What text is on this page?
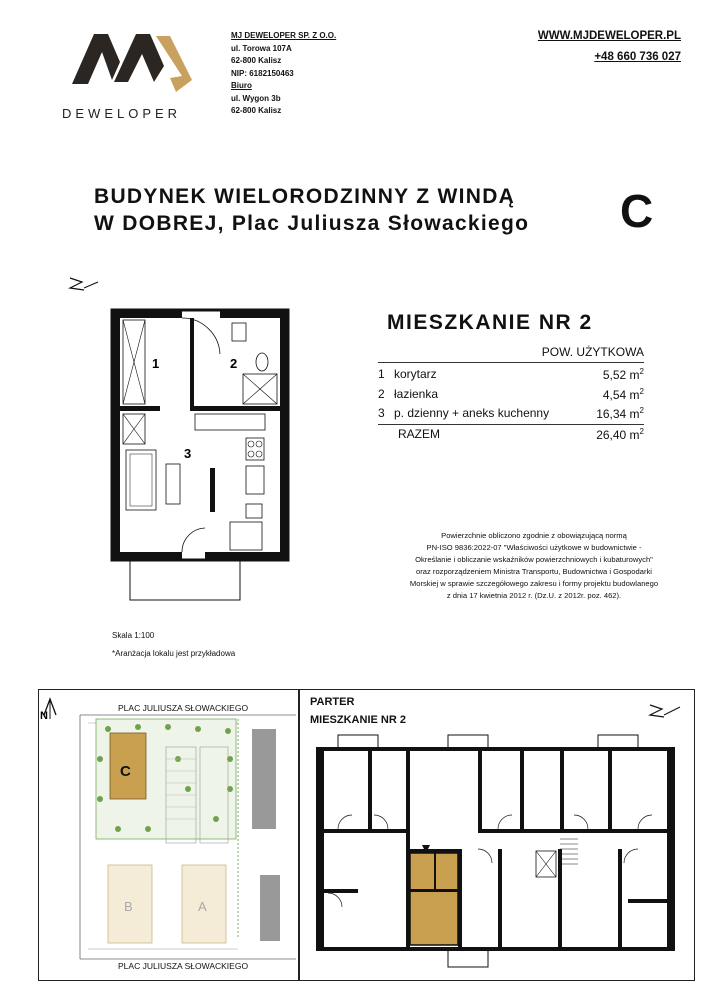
DEWELOPER
MJ DEWELOPER SP. Z O.O.
ul. Torowa 107A
62-800 Kalisz
NIP: 6182150463
Biuro
ul. Wygon 3b
62-800 Kalisz
WWW.MJDEWELOPER.PL
+48 660 736 027
BUDYNEK WIELORODZINNY Z WINDĄ
W DOBREJ, Plac Juliusza Słowackiego C
1	2
3
Skala 1:100
*Aranżacja lokalu jest przykładowa
MIESZKANIE NR 2
POW. UŻYTKOWA
1 korytarz	5,52 $m^2$
2 łazienka	4,54 $m^2$
3 p. dzienny + aneks kuchenny	16,34 $m^2$
RAZEM	26,40 $m^2$
Powierzchnie obliczono zgodnie z obowiązującą normą
PN-ISO 9836:2022-07 "Właściwości użytkowe w budownictwie -
Określanie i obliczanie wskaźników powierzchniowych i kubaturowych"
oraz rozporządzeniem Ministra Transportu, Budownictwa i Gospodarki
Morskiej w sprawie szczegółowego zakresu i formy projektu budowlanego
z dnia 17 kwietnia 2012 r. (Dz.U. z 2012r. poz. 462).
N
C
B	A
PLAC JULIUSZA SŁOWACKIEGO
PLAC JULIUSZA SŁOWACKIEGO
PARTER
MIESZKANIE NR 2
